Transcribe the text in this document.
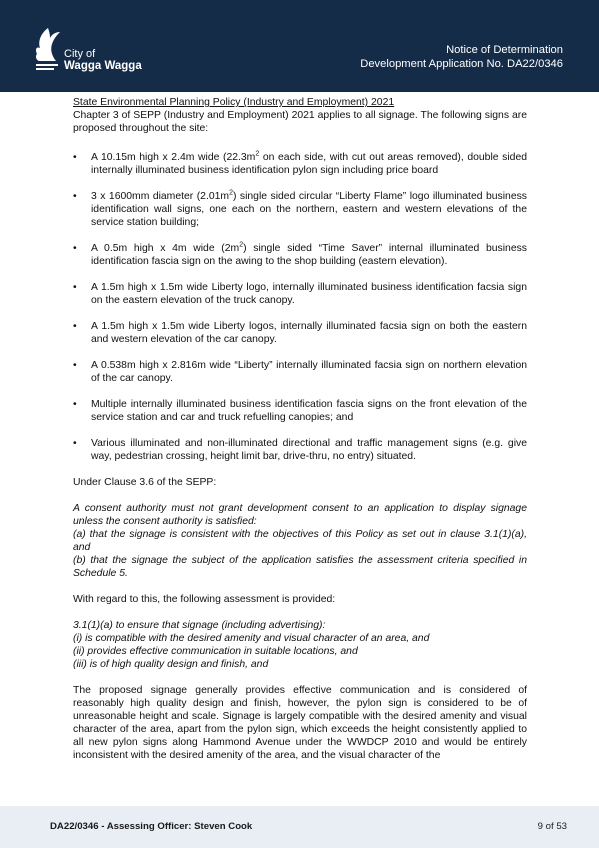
City of
Wagga Wagga
Notice of Determination
Development Application No. DA22/0346

State Environmental Planning Policy (Industry and Employment) 2021

Chapter 3 of SEPP (Industry and Employment) 2021 applies to all signage. The following signs are proposed throughout the site:

• A 10.15m high x 2.4m wide ($22.3m^2$ on each side, with cut out areas removed), double sided internally illuminated business identification pylon sign including price board
• 3 x 1600mm diameter $(2.01m^2)$ single sided circular “Liberty Flame” logo illuminated business identification wall signs, one each on the northern, eastern and western elevations of the service station building;
• A 0.5m high x 4m wide $(2m^2)$ single sided “Time Saver” internal illuminated business identification fascia sign on the awing to the shop building (eastern elevation).
• A 1.5m high x 1.5m wide Liberty logo, internally illuminated business identification facsia sign on the eastern elevation of the truck canopy.
• A 1.5m high x 1.5m wide Liberty logos, internally illuminated facsia sign on both the eastern and western elevation of the car canopy.
• A 0.538m high x 2.816m wide “Liberty” internally illuminated facsia sign on northern elevation of the car canopy.
• Multiple internally illuminated business identification fascia signs on the front elevation of the service station and car and truck refuelling canopies; and
• Various illuminated and non-illuminated directional and traffic management signs (e.g. give way, pedestrian crossing, height limit bar, drive-thru, no entry) situated.

Under Clause 3.6 of the SEPP:

A consent authority must not grant development consent to an application to display signage unless the consent authority is satisfied:

(a) that the signage is consistent with the objectives of this Policy as set out in clause 3.1(1)(a), and

(b) that the signage the subject of the application satisfies the assessment criteria specified in Schedule 5.

With regard to this, the following assessment is provided:

3.1(1)(a) to ensure that signage (including advertising):

(i) is compatible with the desired amenity and visual character of an area, and

(ii) provides effective communication in suitable locations, and

(iii) is of high quality design and finish, and

The proposed signage generally provides effective communication and is considered of reasonably high quality design and finish, however, the pylon sign is considered to be of unreasonable height and scale. Signage is largely compatible with the desired amenity and visual character of the area, apart from the pylon sign, which exceeds the height consistently applied to all new pylon signs along Hammond Avenue under the WWDCP 2010 and would be entirely inconsistent with the desired amenity of the area, and the visual character of the

DA22/0346 - Assessing Officer: Steven Cook	9 of 53
